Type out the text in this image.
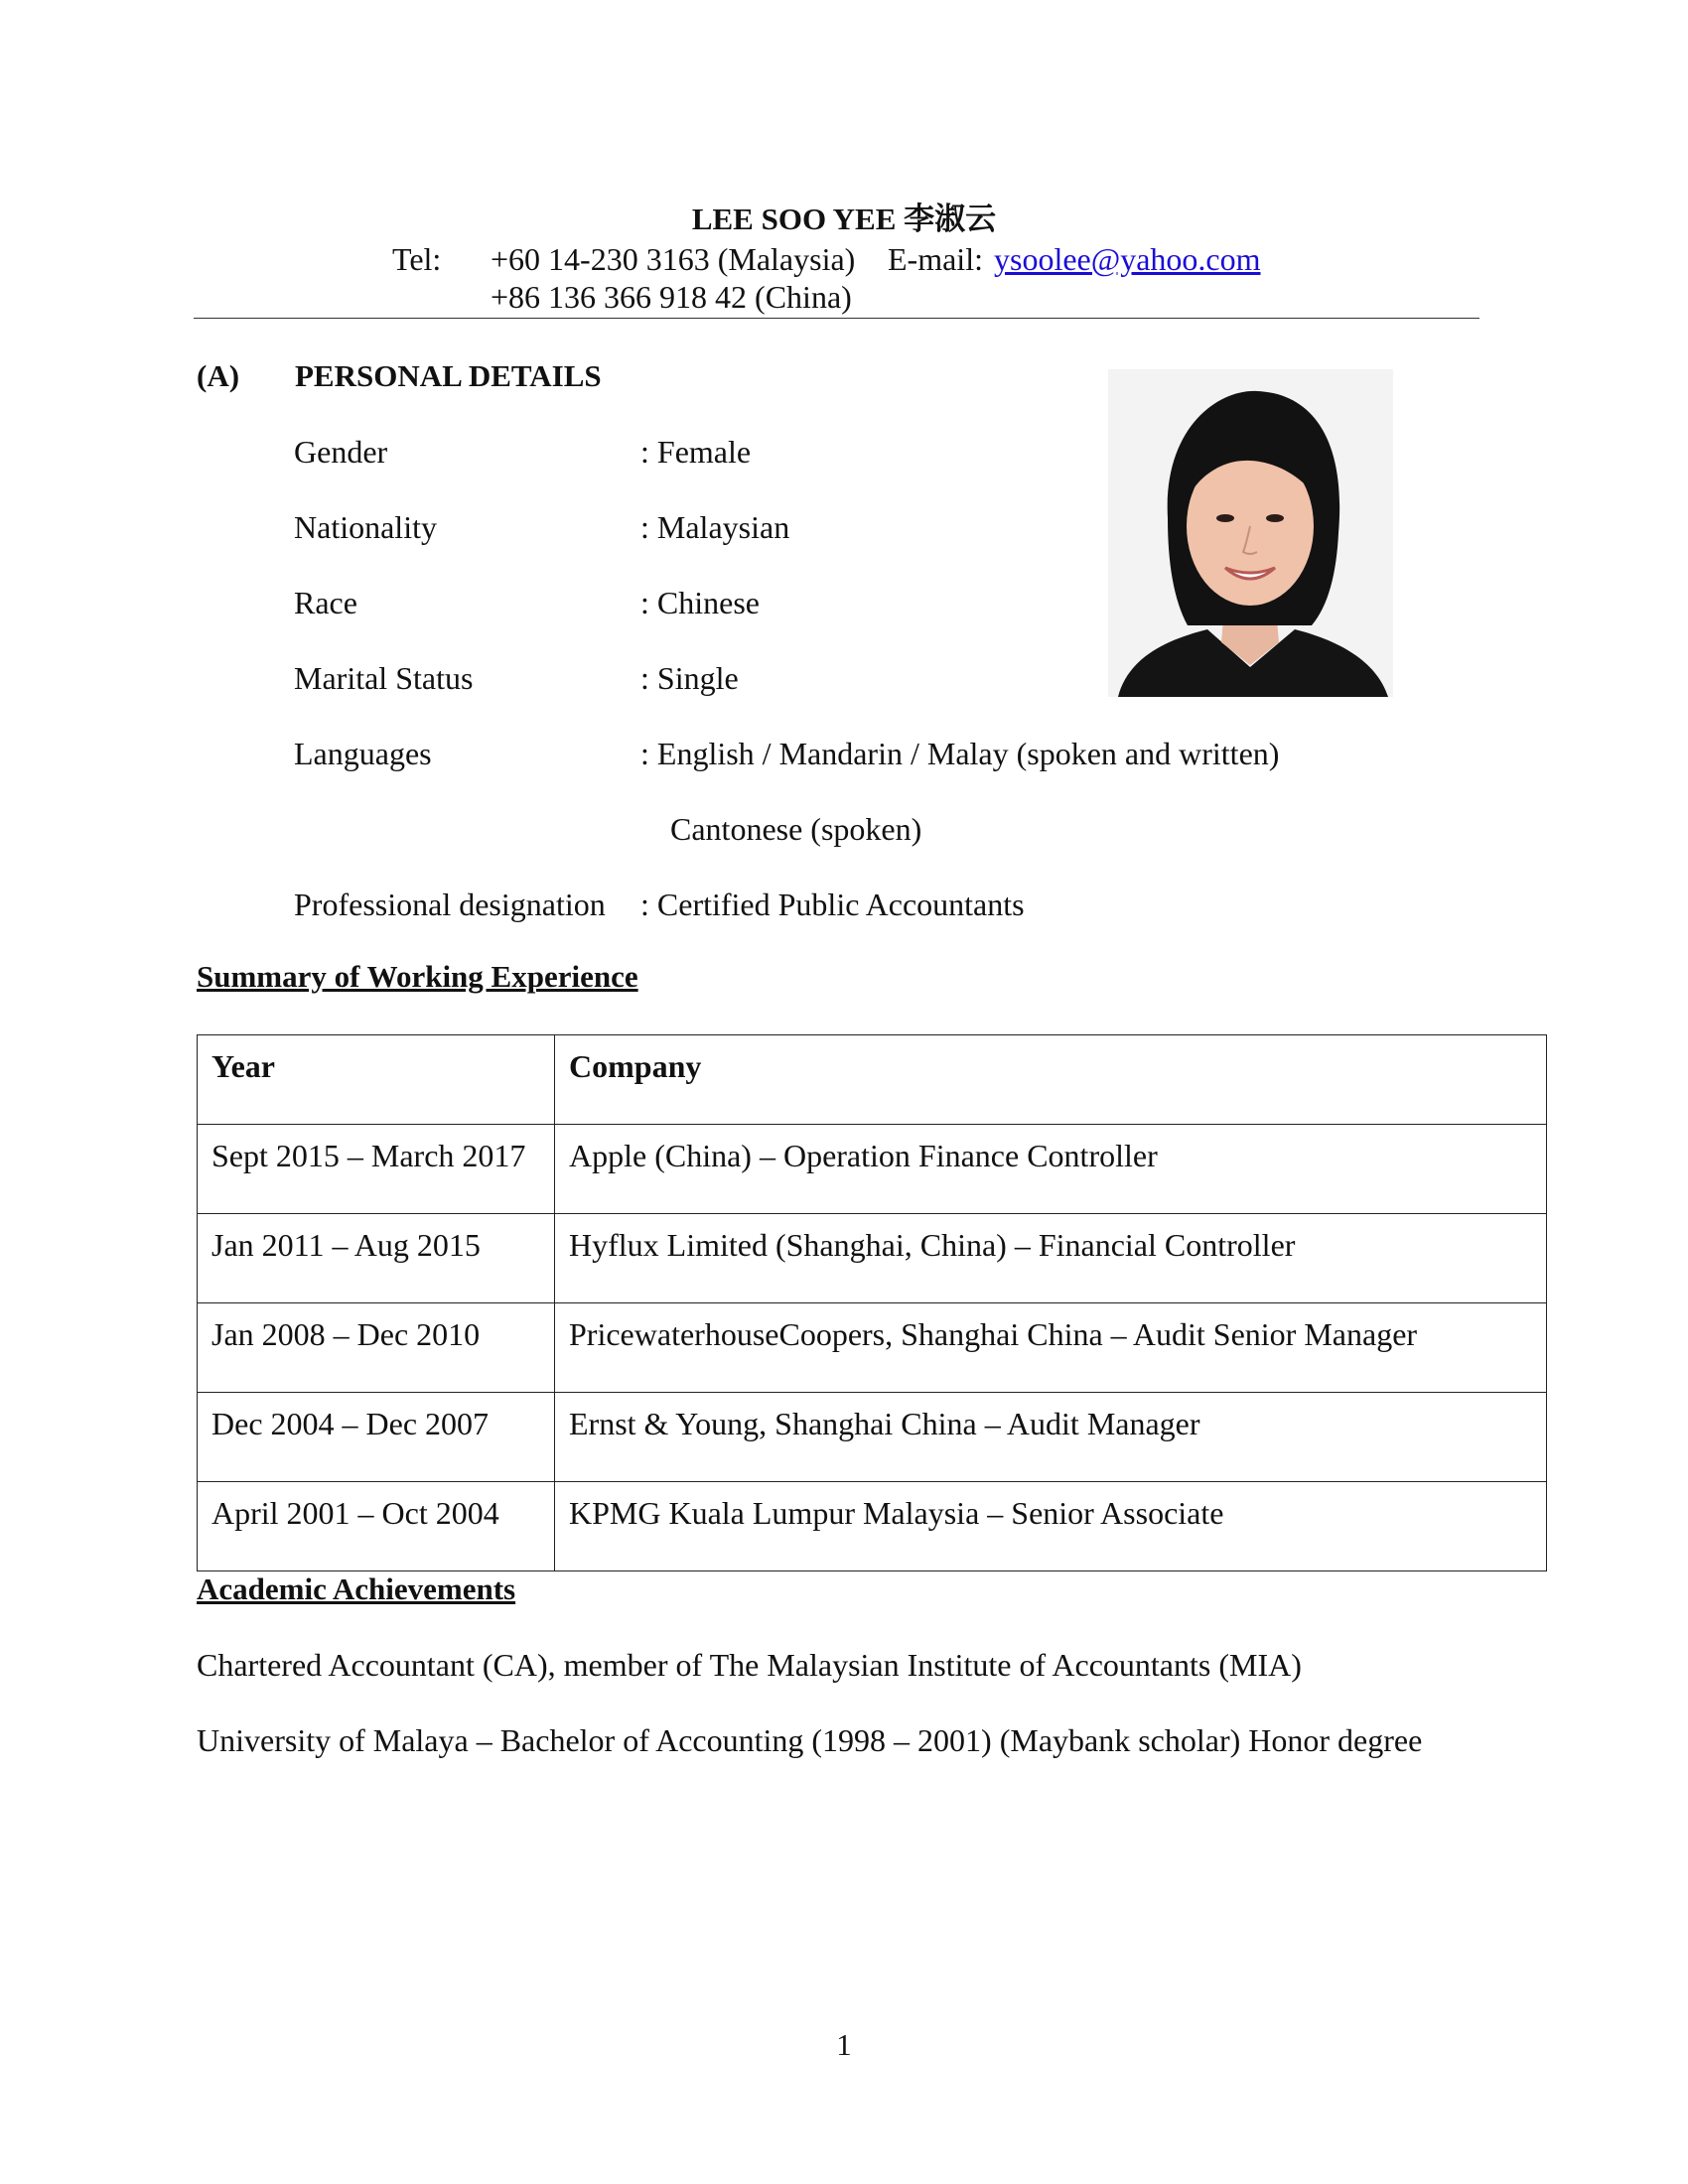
LEE SOO YEE 李淑云
Tel: +60 14-230 3163 (Malaysia) E-mail: ysoolee@yahoo.com
+86 136 366 918 42 (China)
(A) PERSONAL DETAILS
Gender	: Female
Nationality	: Malaysian
Race	: Chinese
Marital Status	: Single
Languages	: English / Mandarin / Malay (spoken and written)
Cantonese (spoken)
Professional designation : Certified Public Accountants
Summary of Working Experience
Year	Company
Sept 2015 – March 2017	Apple (China) – Operation Finance Controller
Jan 2011 – Aug 2015	Hyflux Limited (Shanghai, China) – Financial Controller
Jan 2008 – Dec 2010	PricewaterhouseCoopers, Shanghai China – Audit Senior Manager
Dec 2004 – Dec 2007	Ernst & Young, Shanghai China – Audit Manager
April 2001 – Oct 2004	KPMG Kuala Lumpur Malaysia – Senior Associate
Academic Achievements
Chartered Accountant (CA), member of The Malaysian Institute of Accountants (MIA)
University of Malaya – Bachelor of Accounting (1998 – 2001) (Maybank scholar) Honor degree
1
